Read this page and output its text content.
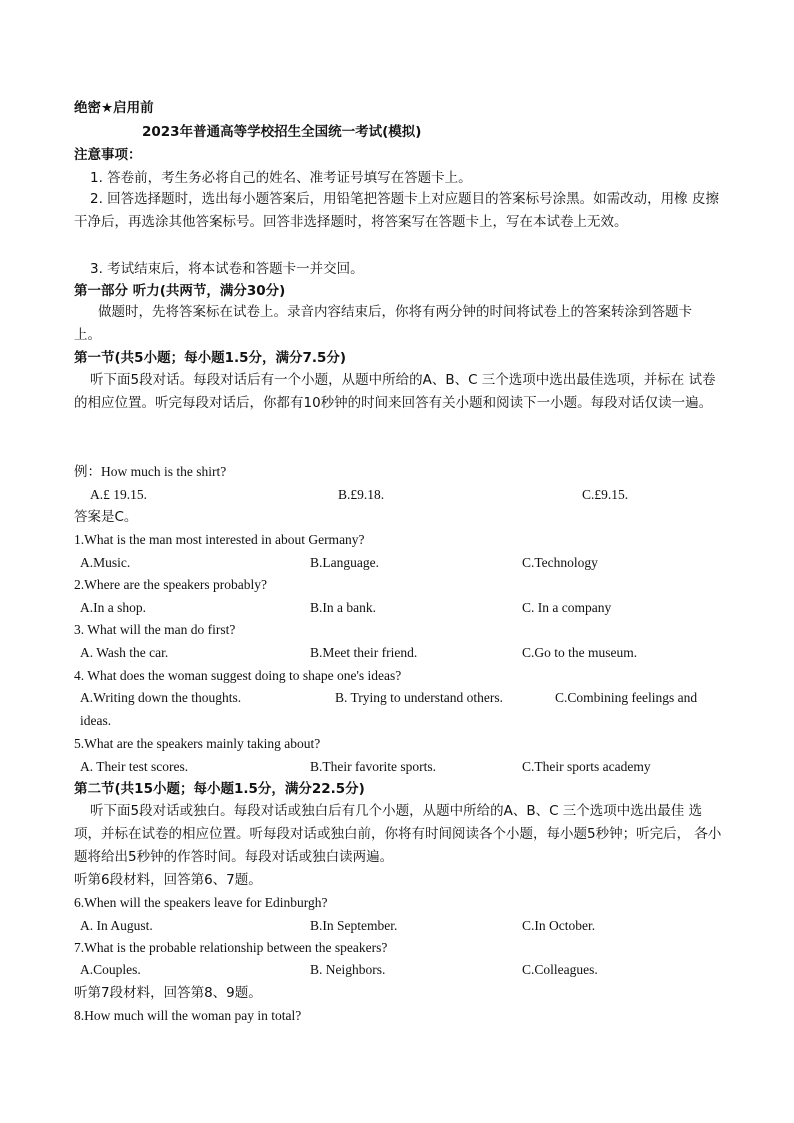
绝密★启用前
2023年普通高等学校招生全国统一考试(模拟)
注意事项：
1. 答卷前，考生务必将自己的姓名、准考证号填写在答题卡上。
2. 回答选择题时，选出每小题答案后，用铅笔把答题卡上对应题目的答案标号涂黑。如需改动，用橡 皮擦干净后，再选涂其他答案标号。回答非选择题时，将答案写在答题卡上，写在本试卷上无效。
3. 考试结束后，将本试卷和答题卡一并交回。
第一部分 听力(共两节，满分30分)
做题时，先将答案标在试卷上。录音内容结束后，你将有两分钟的时间将试卷上的答案转涂到答题卡 上。
第一节(共5小题；每小题1.5分，满分7.5分)
听下面5段对话。每段对话后有一个小题，从题中所给的A、B、C 三个选项中选出最佳选项，并标在 试卷的相应位置。听完每段对话后，你都有10秒钟的时间来回答有关小题和阅读下一小题。每段对话仅读一遍。
例：How much is the shirt?
A.£ 19.15.	B.£9.18.	C.£9.15.
答案是C。
1.What is the man most interested in about Germany?
A.Music.	B.Language.	C.Technology
2.Where are the speakers probably?
A.In a shop.	B.In a bank.	C. In a company
3. What will the man do first?
A. Wash the car.	B.Meet their friend.	C.Go to the museum.
4. What does the woman suggest doing to shape one's ideas?
A.Writing down the thoughts.	B. Trying to understand others.	C.Combining feelings and
ideas.
5.What are the speakers mainly taking about?
A. Their test scores.	B.Their favorite sports.	C.Their sports academy
第二节(共15小题；每小题1.5分，满分22.5分)
听下面5段对话或独白。每段对话或独白后有几个小题，从题中所给的A、B、C 三个选项中选出最佳 选项，并标在试卷的相应位置。听每段对话或独白前，你将有时间阅读各个小题，每小题5秒钟；听完后， 各小题将给出5秒钟的作答时间。每段对话或独白读两遍。
听第6段材料，回答第6、7题。
6.When will the speakers leave for Edinburgh?
A. In August.	B.In September.	C.In October.
7.What is the probable relationship between the speakers?
A.Couples.	B. Neighbors.	C.Colleagues.
听第7段材料，回答第8、9题。
8.How much will the woman pay in total?
